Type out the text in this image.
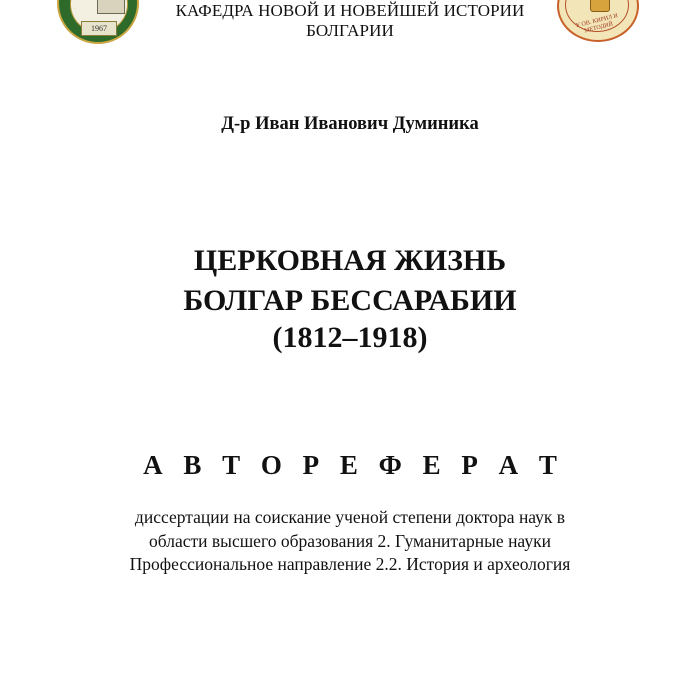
1967	У ОВ. КИРИЛ И МЕТОДИЙ
КАФЕДРА НОВОЙ И НОВЕЙШЕЙ ИСТОРИИ
БОЛГАРИИ
Д-р Иван Иванович Думиника
ЦЕРКОВНАЯ ЖИЗНЬ
БОЛГАР БЕССАРАБИИ
(1812–1918)
А В Т О Р Е Ф Е Р А Т
диссертации на соискание ученой степени доктора наук в
области высшего образования 2. Гуманитарные науки
Профессиональное направление 2.2. История и археология
